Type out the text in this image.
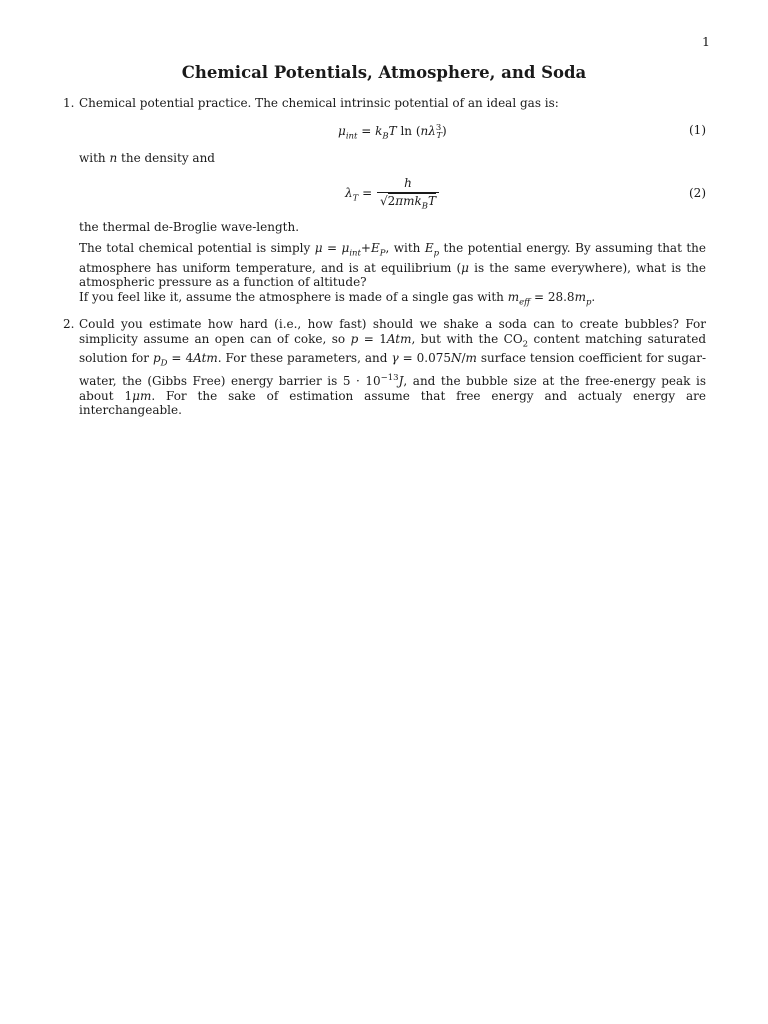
1
Chemical Potentials, Atmosphere, and Soda
1. Chemical potential practice. The chemical intrinsic potential of an ideal gas is:
$\mu_{int} = k_BT$ $\ln (n\lambda^3_T)$	(1)
with n the density and
$\lambda_T$ =
h
√2πmk$_B$T
(2)
the thermal de-Broglie wave-length.
The total chemical potential is simply $\mu = \mu_{int}+E_P$, with $E_p$ the potential energy. By assuming that the atmosphere has uniform temperature, and is at equilibrium (μ is the same everywhere), what is the atmospheric pressure as a function of altitude?
If you feel like it, assume the atmosphere is made of a single gas with $m_{eff} = 28.8m_p$.
2. Could you estimate how hard (i.e., how fast) should we shake a soda can to create bubbles? For simplicity assume an open can of coke, so p = 1Atm, but with the $CO_2$ content matching saturated solution for $p_D = 4Atm$. For these parameters, and γ = 0.075N/m surface tension coefficient for sugar-water, the (Gibbs Free) energy barrier is $5 \cdot 10^{-13}J$, and the bubble size at the free-energy peak is about 1μm. For the sake of estimation assume that free energy and actualy energy are interchangeable.
